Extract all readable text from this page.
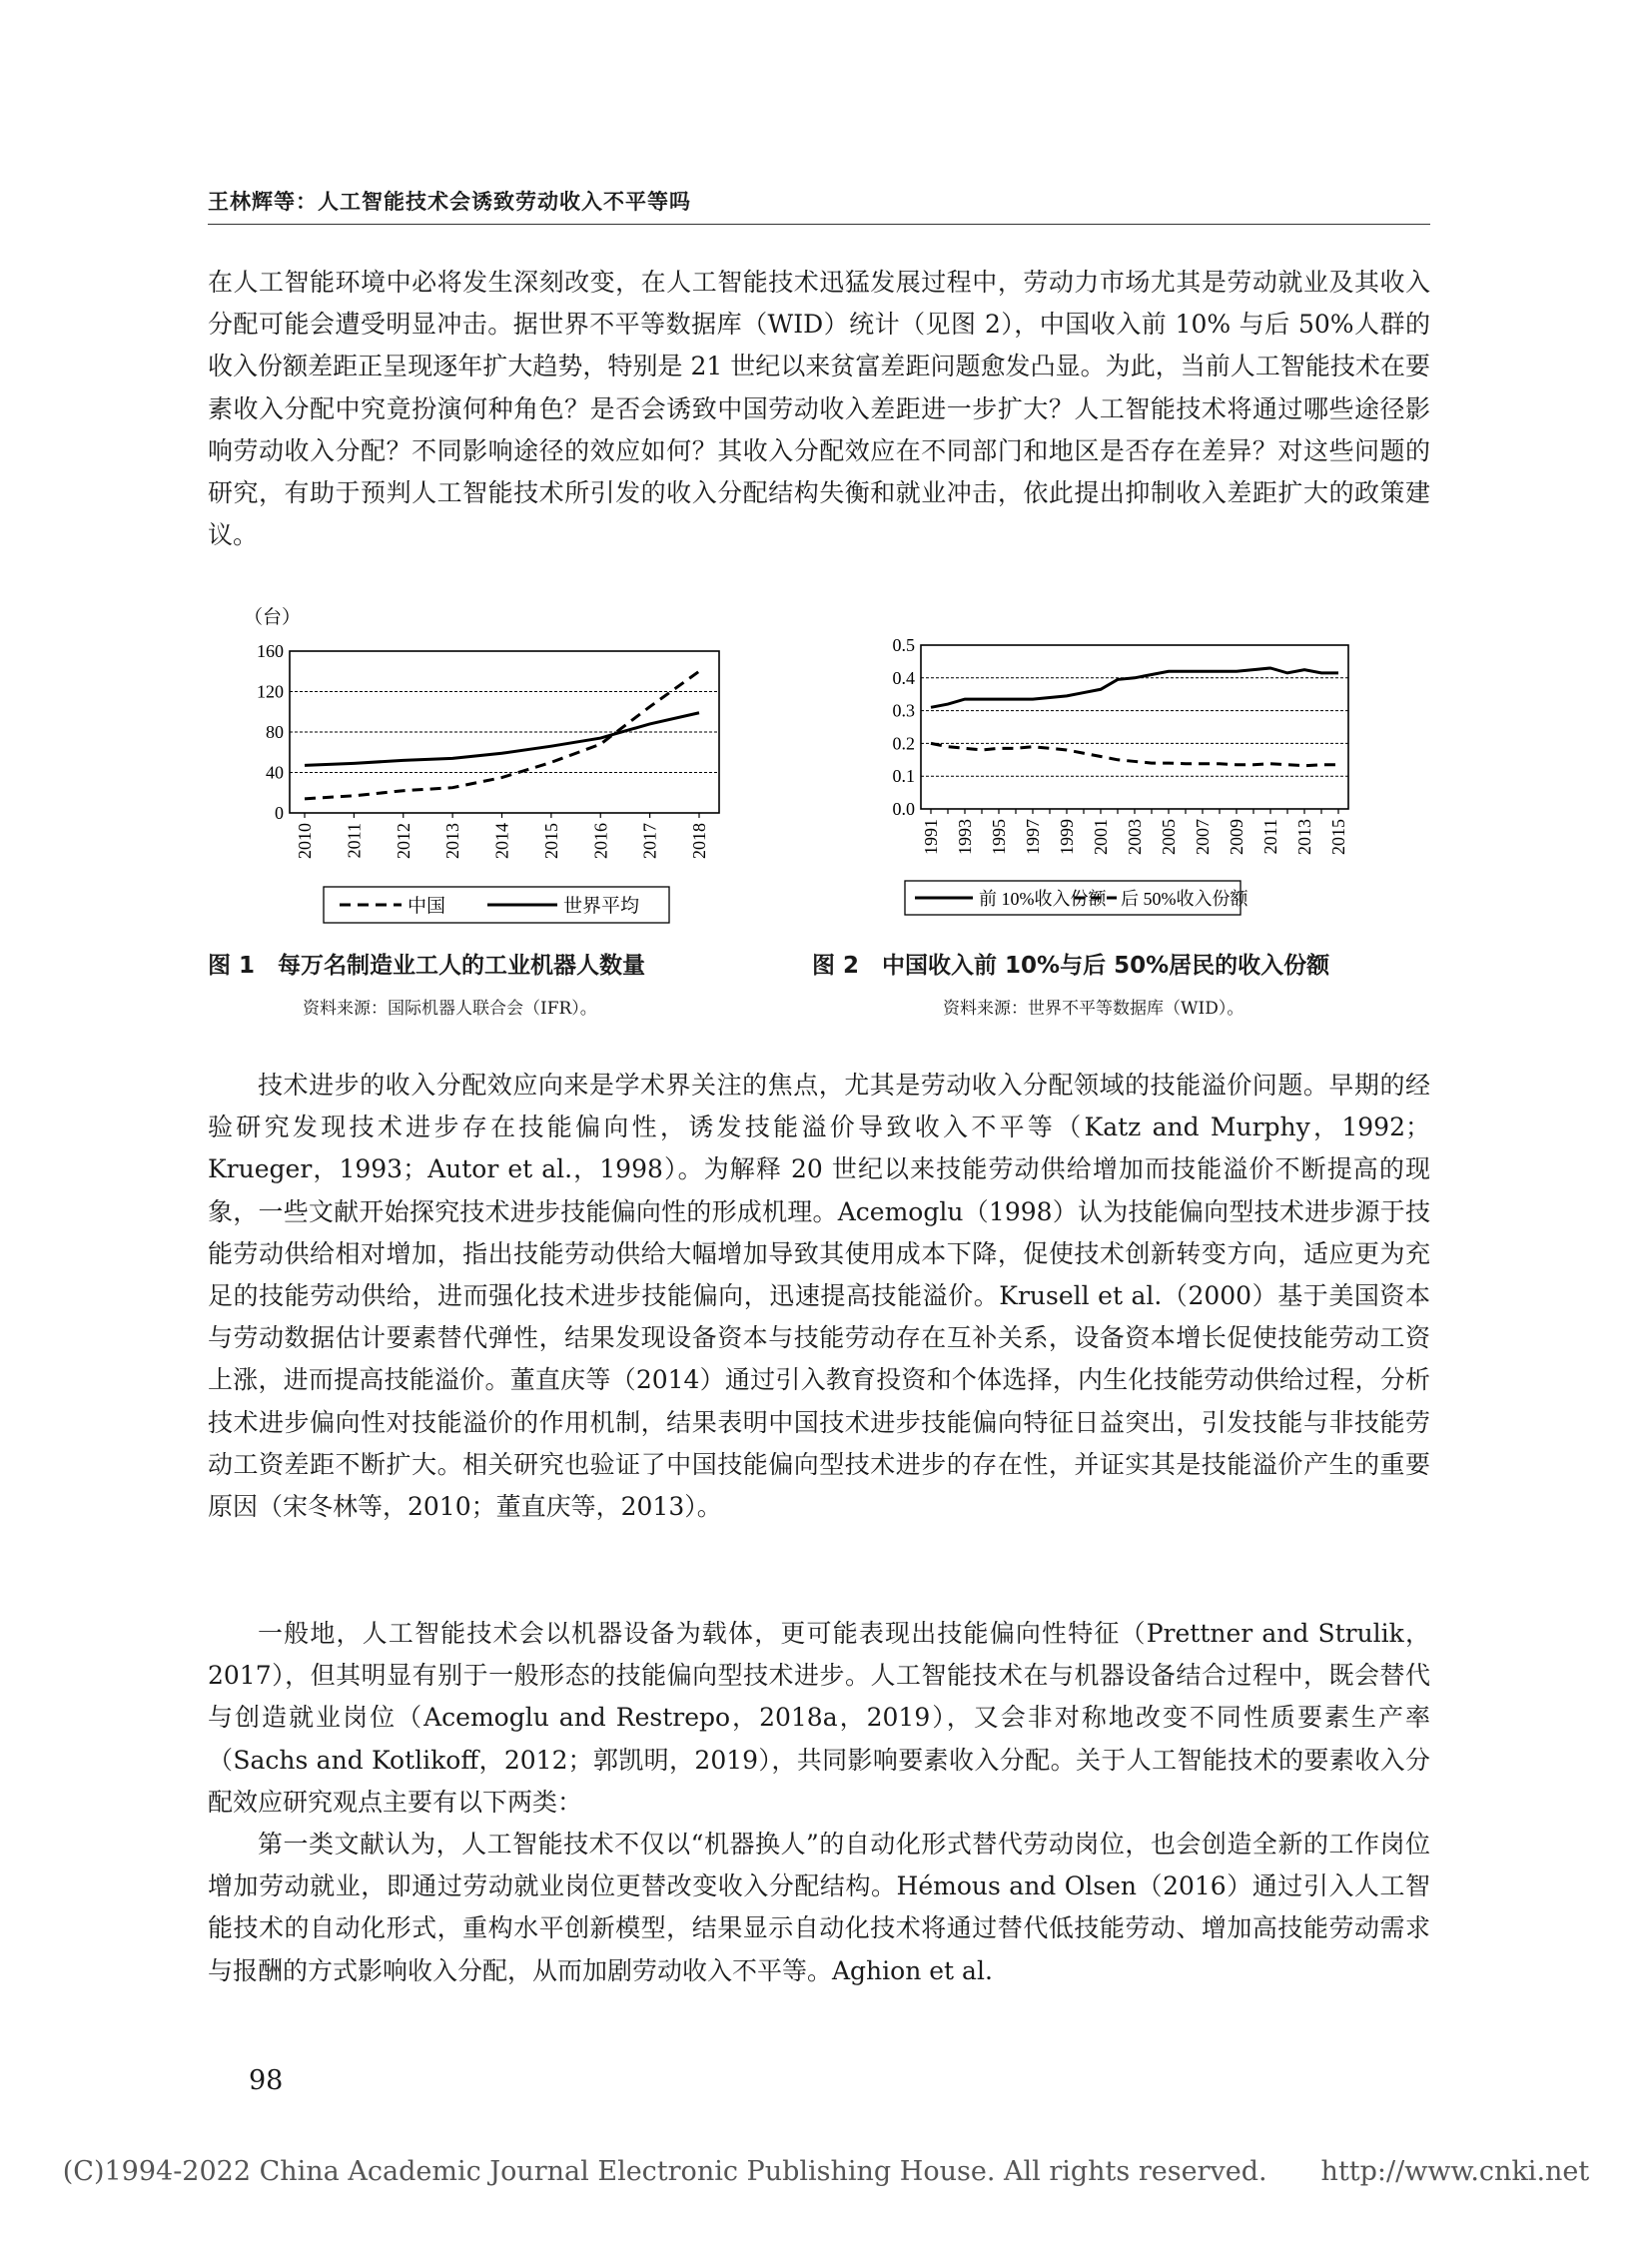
王林辉等：人工智能技术会诱致劳动收入不平等吗

在人工智能环境中必将发生深刻改变，在人工智能技术迅猛发展过程中，劳动力市场尤其是劳动就业及其收入分配可能会遭受明显冲击。据世界不平等数据库（WID）统计（见图 2），中国收入前 10% 与后 50%人群的收入份额差距正呈现逐年扩大趋势，特别是 21 世纪以来贫富差距问题愈发凸显。为此，当前人工智能技术在要素收入分配中究竟扮演何种角色？是否会诱致中国劳动收入差距进一步扩大？人工智能技术将通过哪些途径影响劳动收入分配？不同影响途径的效应如何？其收入分配效应在不同部门和地区是否存在差异？对这些问题的研究，有助于预判人工智能技术所引发的收入分配结构失衡和就业冲击，依此提出抑制收入差距扩大的政策建议。

0
40
80
120
160
2010 2011 2012 2013 2014 2015 2016 2017 2018
（台）
中国	世界平均
图 1　每万名制造业工人的工业机器人数量
资料来源：国际机器人联合会（IFR）。
0.0
0.1
0.2
0.3
0.4
0.5
1991 1993 1995 1997 1999 2001 2003 2005 2007 2009 2011 2013 2015
前 10%收入份额 后 50%收入份额
图 2　中国收入前 10%与后 50%居民的收入份额
资料来源：世界不平等数据库（WID）。

技术进步的收入分配效应向来是学术界关注的焦点，尤其是劳动收入分配领域的技能溢价问题。早期的经验研究发现技术进步存在技能偏向性，诱发技能溢价导致收入不平等（Katz and Murphy，1992；Krueger，1993；Autor et al.，1998）。为解释 20 世纪以来技能劳动供给增加而技能溢价不断提高的现象，一些文献开始探究技术进步技能偏向性的形成机理。Acemoglu（1998）认为技能偏向型技术进步源于技能劳动供给相对增加，指出技能劳动供给大幅增加导致其使用成本下降，促使技术创新转变方向，适应更为充足的技能劳动供给，进而强化技术进步技能偏向，迅速提高技能溢价。Krusell et al.（2000）基于美国资本与劳动数据估计要素替代弹性，结果发现设备资本与技能劳动存在互补关系，设备资本增长促使技能劳动工资上涨，进而提高技能溢价。董直庆等（2014）通过引入教育投资和个体选择，内生化技能劳动供给过程，分析技术进步偏向性对技能溢价的作用机制，结果表明中国技术进步技能偏向特征日益突出，引发技能与非技能劳动工资差距不断扩大。相关研究也验证了中国技能偏向型技术进步的存在性，并证实其是技能溢价产生的重要原因（宋冬林等，2010；董直庆等，2013）。

一般地，人工智能技术会以机器设备为载体，更可能表现出技能偏向性特征（Prettner and Strulik，2017），但其明显有别于一般形态的技能偏向型技术进步。人工智能技术在与机器设备结合过程中，既会替代与创造就业岗位（Acemoglu and Restrepo，2018a，2019），又会非对称地改变不同性质要素生产率（Sachs and Kotlikoff，2012；郭凯明，2019），共同影响要素收入分配。关于人工智能技术的要素收入分配效应研究观点主要有以下两类：

第一类文献认为，人工智能技术不仅以“机器换人”的自动化形式替代劳动岗位，也会创造全新的工作岗位增加劳动就业，即通过劳动就业岗位更替改变收入分配结构。Hémous and Olsen（2016）通过引入人工智能技术的自动化形式，重构水平创新模型，结果显示自动化技术将通过替代低技能劳动、增加高技能劳动需求与报酬的方式影响收入分配，从而加剧劳动收入不平等。Aghion et al.

98
(C)1994-2022 China Academic Journal Electronic Publishing House. All rights reserved.　　http://www.cnki.net
